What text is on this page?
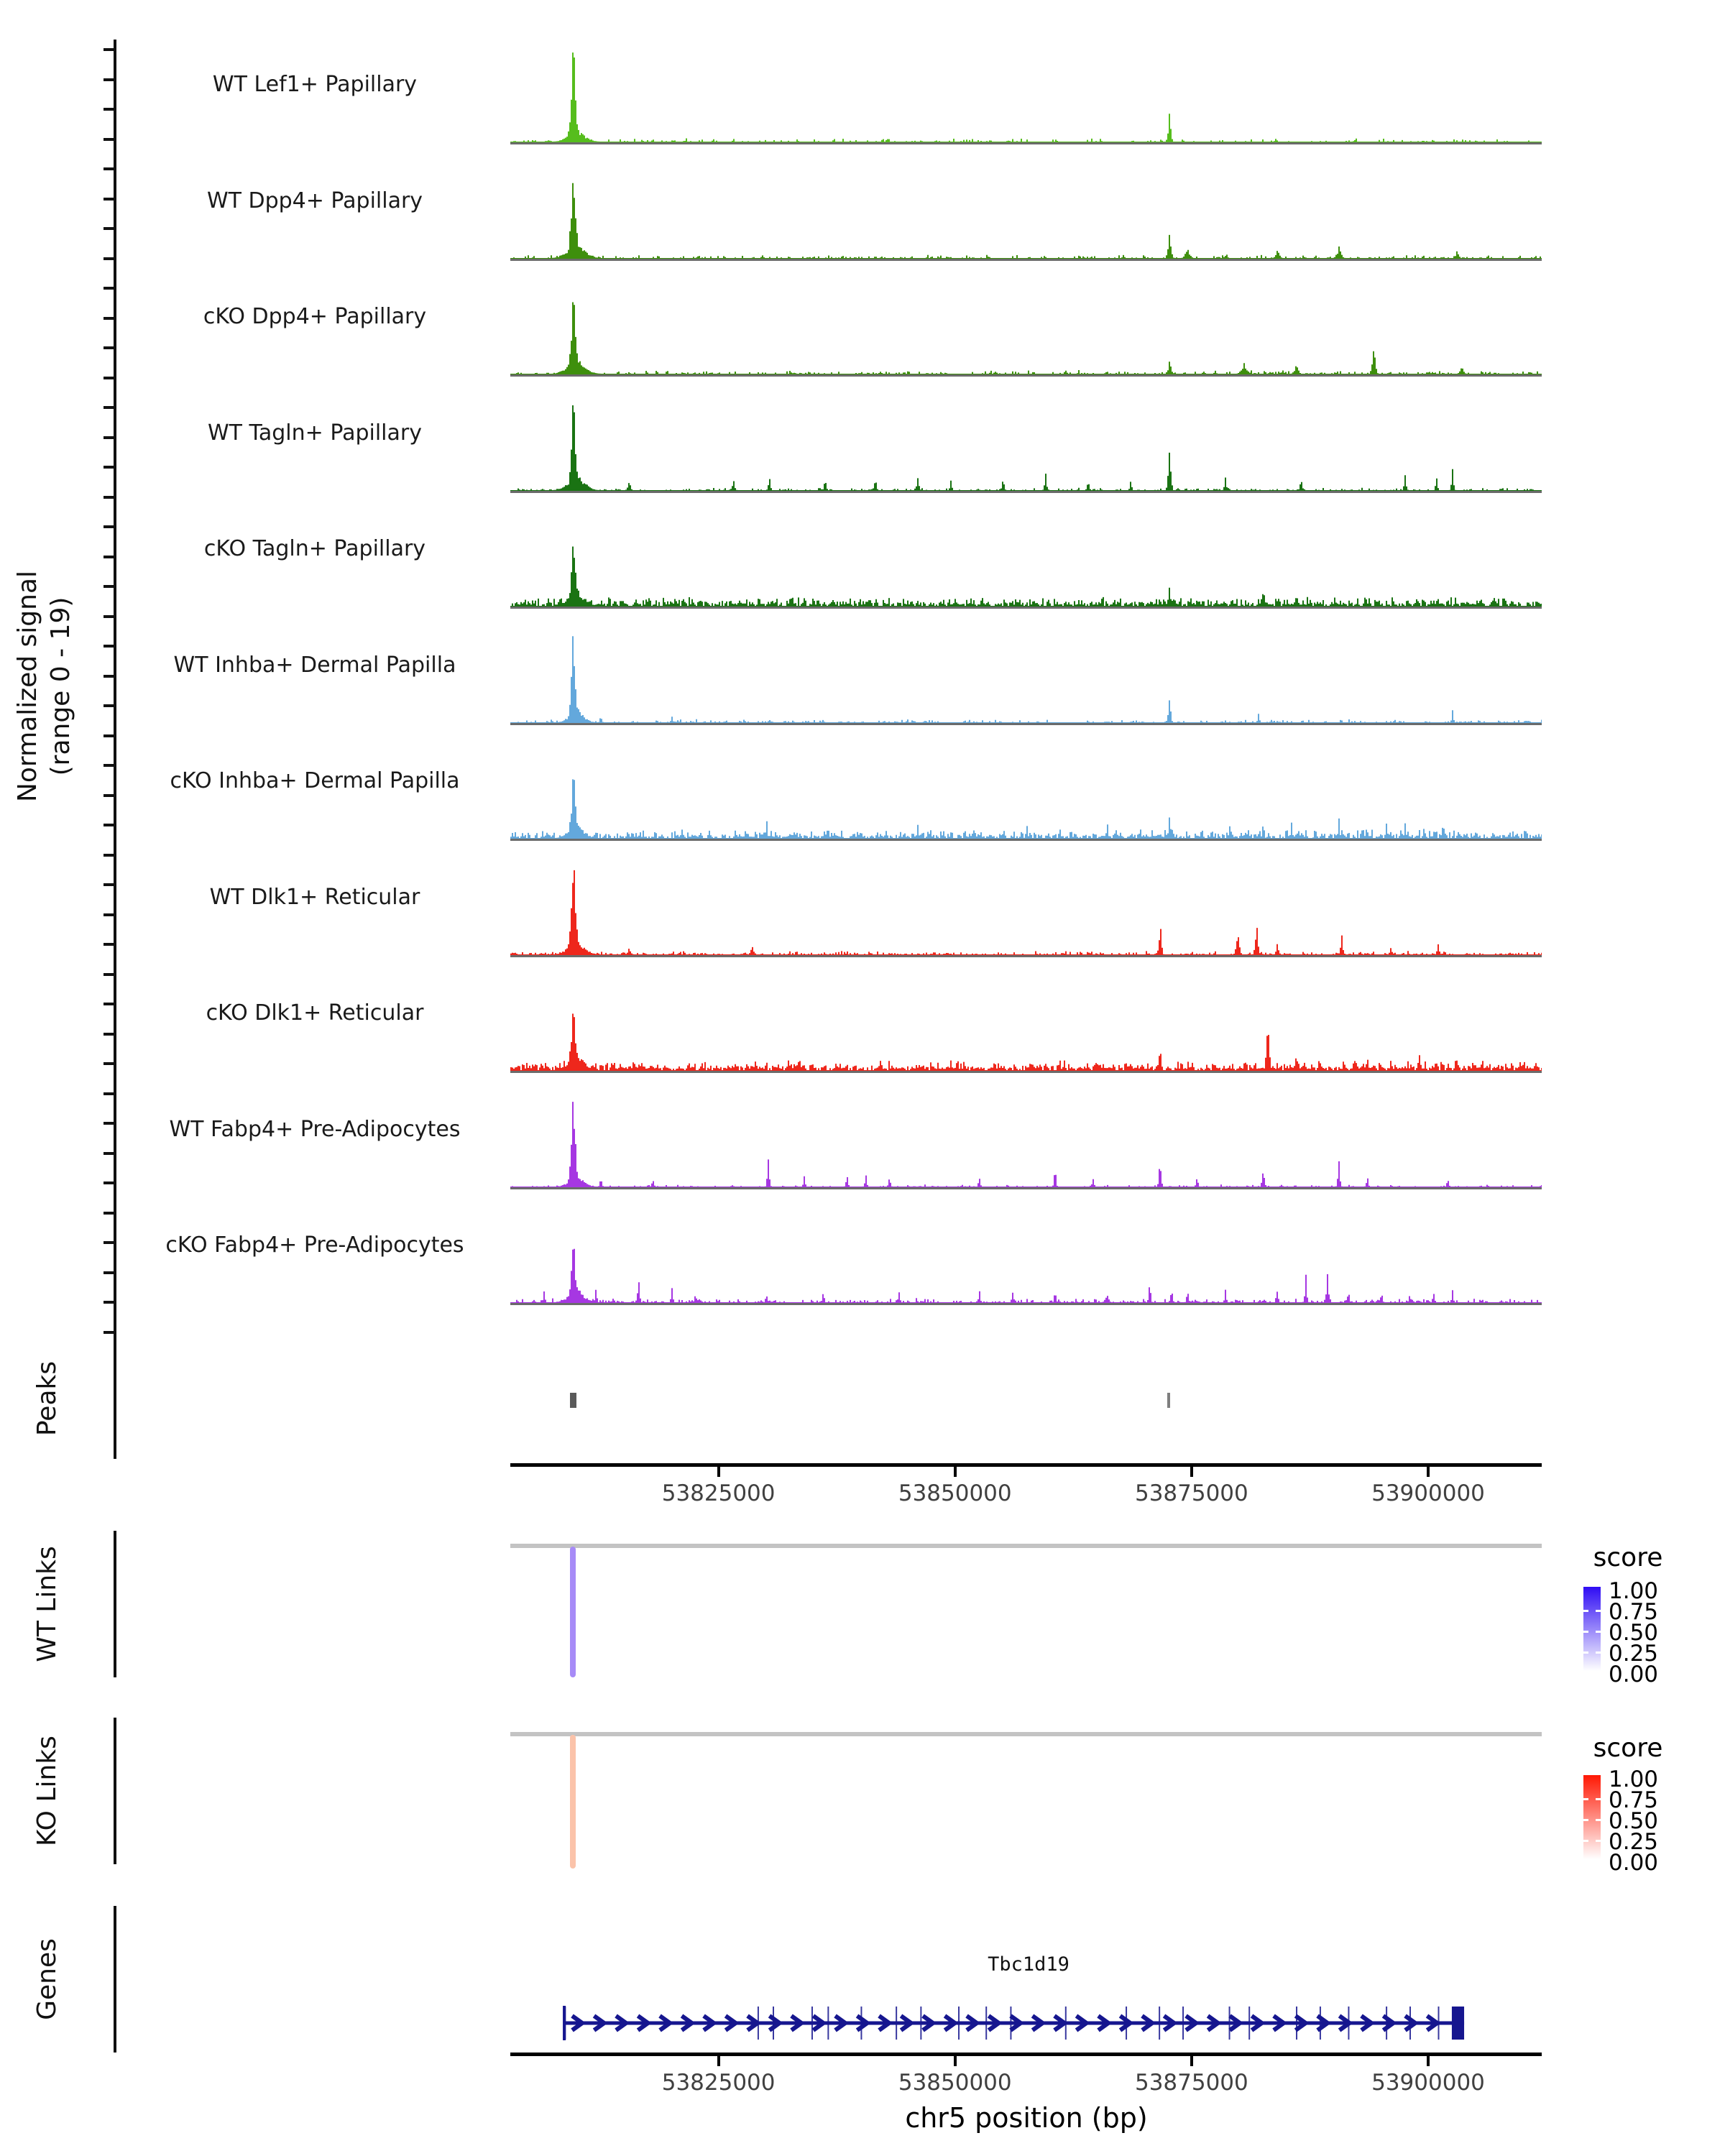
Normalized signal (range 0 - 19)
WT Lef1+ Papillary
WT Dpp4+ Papillary
cKO Dpp4+ Papillary
WT Tagln+ Papillary
cKO Tagln+ Papillary
WT Inhba+ Dermal Papilla
cKO Inhba+ Dermal Papilla
WT Dlk1+ Reticular
cKO Dlk1+ Reticular
WT Fabp4+ Pre-Adipocytes
cKO Fabp4+ Pre-Adipocytes
Peaks
53825000	53850000	53875000	53900000
WT Links	score
1.00
0.75
0.50
0.25
0.00
KO Links	score
1.00
0.75
0.50
0.25
0.00
Genes	Tbc1d19
53825000	53850000	53875000	53900000
chr5 position (bp)
